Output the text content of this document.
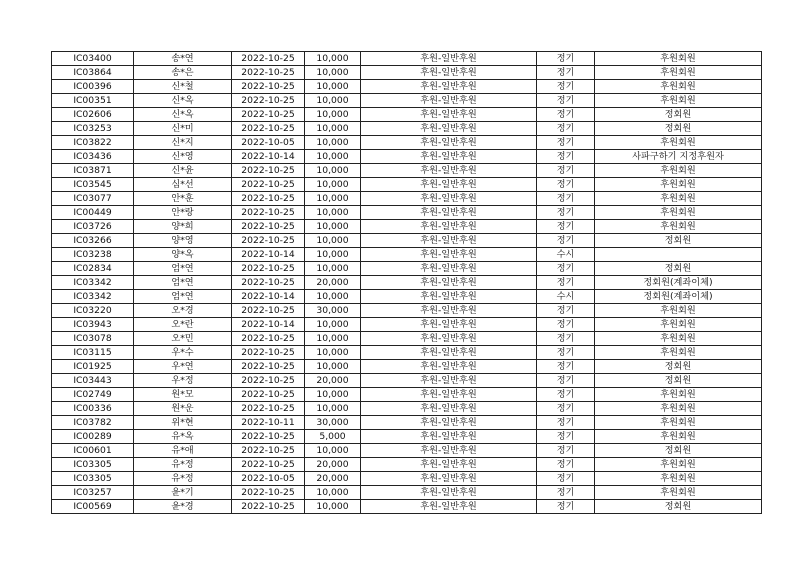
IC03400	송*연	2022-10-25	10,000	후원-일반후원	정기	후원회원
IC03864	송*은	2022-10-25	10,000	후원-일반후원	정기	후원회원
IC00396	신*철	2022-10-25	10,000	후원-일반후원	정기	후원회원
IC00351	신*옥	2022-10-25	10,000	후원-일반후원	정기	후원회원
IC02606	신*옥	2022-10-25	10,000	후원-일반후원	정기	정회원
IC03253	신*미	2022-10-25	10,000	후원-일반후원	정기	정회원
IC03822	신*지	2022-10-05	10,000	후원-일반후원	정기	후원회원
IC03436	신*영	2022-10-14	10,000	후원-일반후원	정기	사파구하기 지정후원자
IC03871	신*윤	2022-10-25	10,000	후원-일반후원	정기	후원회원
IC03545	심*선	2022-10-25	10,000	후원-일반후원	정기	후원회원
IC03077	안*훈	2022-10-25	10,000	후원-일반후원	정기	후원회원
IC00449	안*랑	2022-10-25	10,000	후원-일반후원	정기	후원회원
IC03726	양*희	2022-10-25	10,000	후원-일반후원	정기	후원회원
IC03266	양*영	2022-10-25	10,000	후원-일반후원	정기	정회원
IC03238	양*옥	2022-10-14	10,000	후원-일반후원	수시	
IC02834	엄*연	2022-10-25	10,000	후원-일반후원	정기	정회원
IC03342	엄*연	2022-10-25	20,000	후원-일반후원	정기	정회원(계좌이체)
IC03342	엄*연	2022-10-14	10,000	후원-일반후원	수시	정회원(계좌이체)
IC03220	오*경	2022-10-25	30,000	후원-일반후원	정기	후원회원
IC03943	오*란	2022-10-14	10,000	후원-일반후원	정기	후원회원
IC03078	오*민	2022-10-25	10,000	후원-일반후원	정기	후원회원
IC03115	우*수	2022-10-25	10,000	후원-일반후원	정기	후원회원
IC01925	우*연	2022-10-25	10,000	후원-일반후원	정기	정회원
IC03443	우*정	2022-10-25	20,000	후원-일반후원	정기	정회원
IC02749	원*모	2022-10-25	10,000	후원-일반후원	정기	후원회원
IC00336	원*운	2022-10-25	10,000	후원-일반후원	정기	후원회원
IC03782	위*현	2022-10-11	30,000	후원-일반후원	정기	후원회원
IC00289	유*옥	2022-10-25	5,000	후원-일반후원	정기	후원회원
IC00601	유*애	2022-10-25	10,000	후원-일반후원	정기	정회원
IC03305	유*정	2022-10-25	20,000	후원-일반후원	정기	후원회원
IC03305	유*정	2022-10-05	20,000	후원-일반후원	정기	후원회원
IC03257	윤*기	2022-10-25	10,000	후원-일반후원	정기	후원회원
IC00569	윤*경	2022-10-25	10,000	후원-일반후원	정기	정회원
